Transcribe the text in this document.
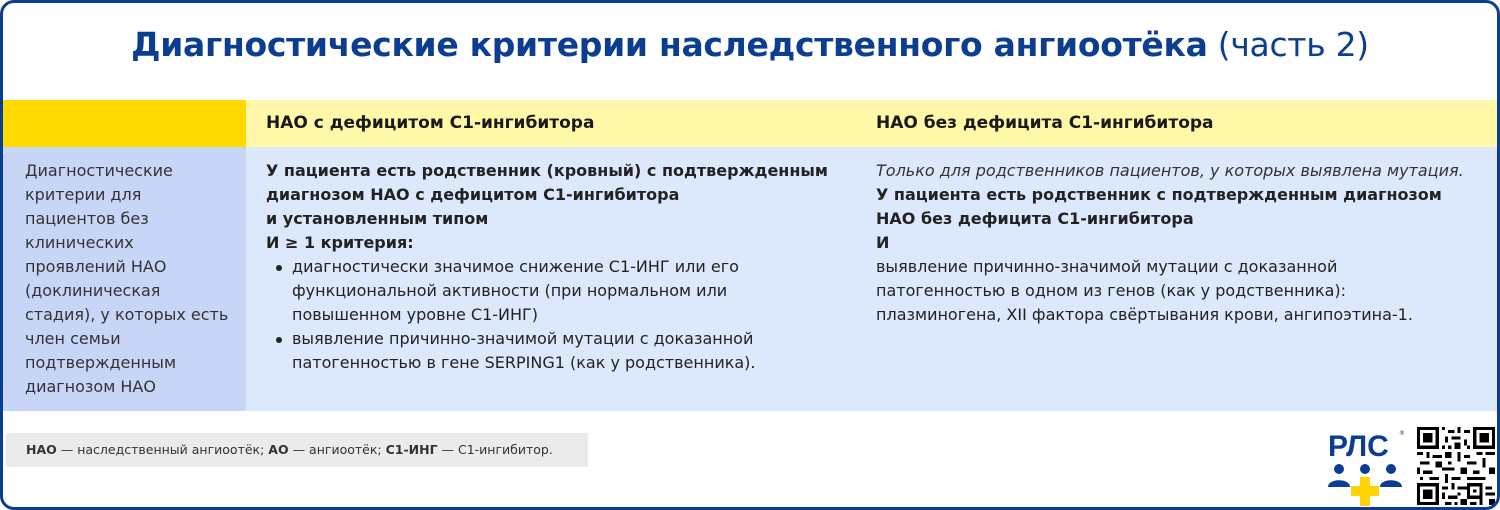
Диагностические критерии наследственного ангиоотёка (часть 2)
НАО с дефицитом С1-ингибитора	НАО без дефицита С1-ингибитора
Диагностические
критерии для
пациентов без
клинических
проявлений НАО
(доклиническая
стадия), у которых есть
член семьи
подтвержденным
диагнозом НАО
У пациента есть родственник (кровный) с подтвержденным
диагнозом НАО с дефицитом С1-ингибитора
и установленным типом
И ≥ 1 критерия:
диагностически значимое снижение С1-ИНГ или его
функциональной активности (при нормальном или
повышенном уровне С1-ИНГ)
выявление причинно-значимой мутации с доказанной
патогенностью в гене SERPING1 (как у родственника).
Только для родственников пациентов, у которых выявлена мутация.
У пациента есть родственник с подтвержденным диагнозом
НАО без дефицита С1-ингибитора
И
выявление причинно-значимой мутации с доказанной
патогенностью в одном из генов (как у родственника):
плазминогена, XII фактора свёртывания крови, ангипоэтина-1.
НАО — наследственный ангиоотёк; АО — ангиоотёк; С1-ИНГ — С1-ингибитор.	РЛС ®
